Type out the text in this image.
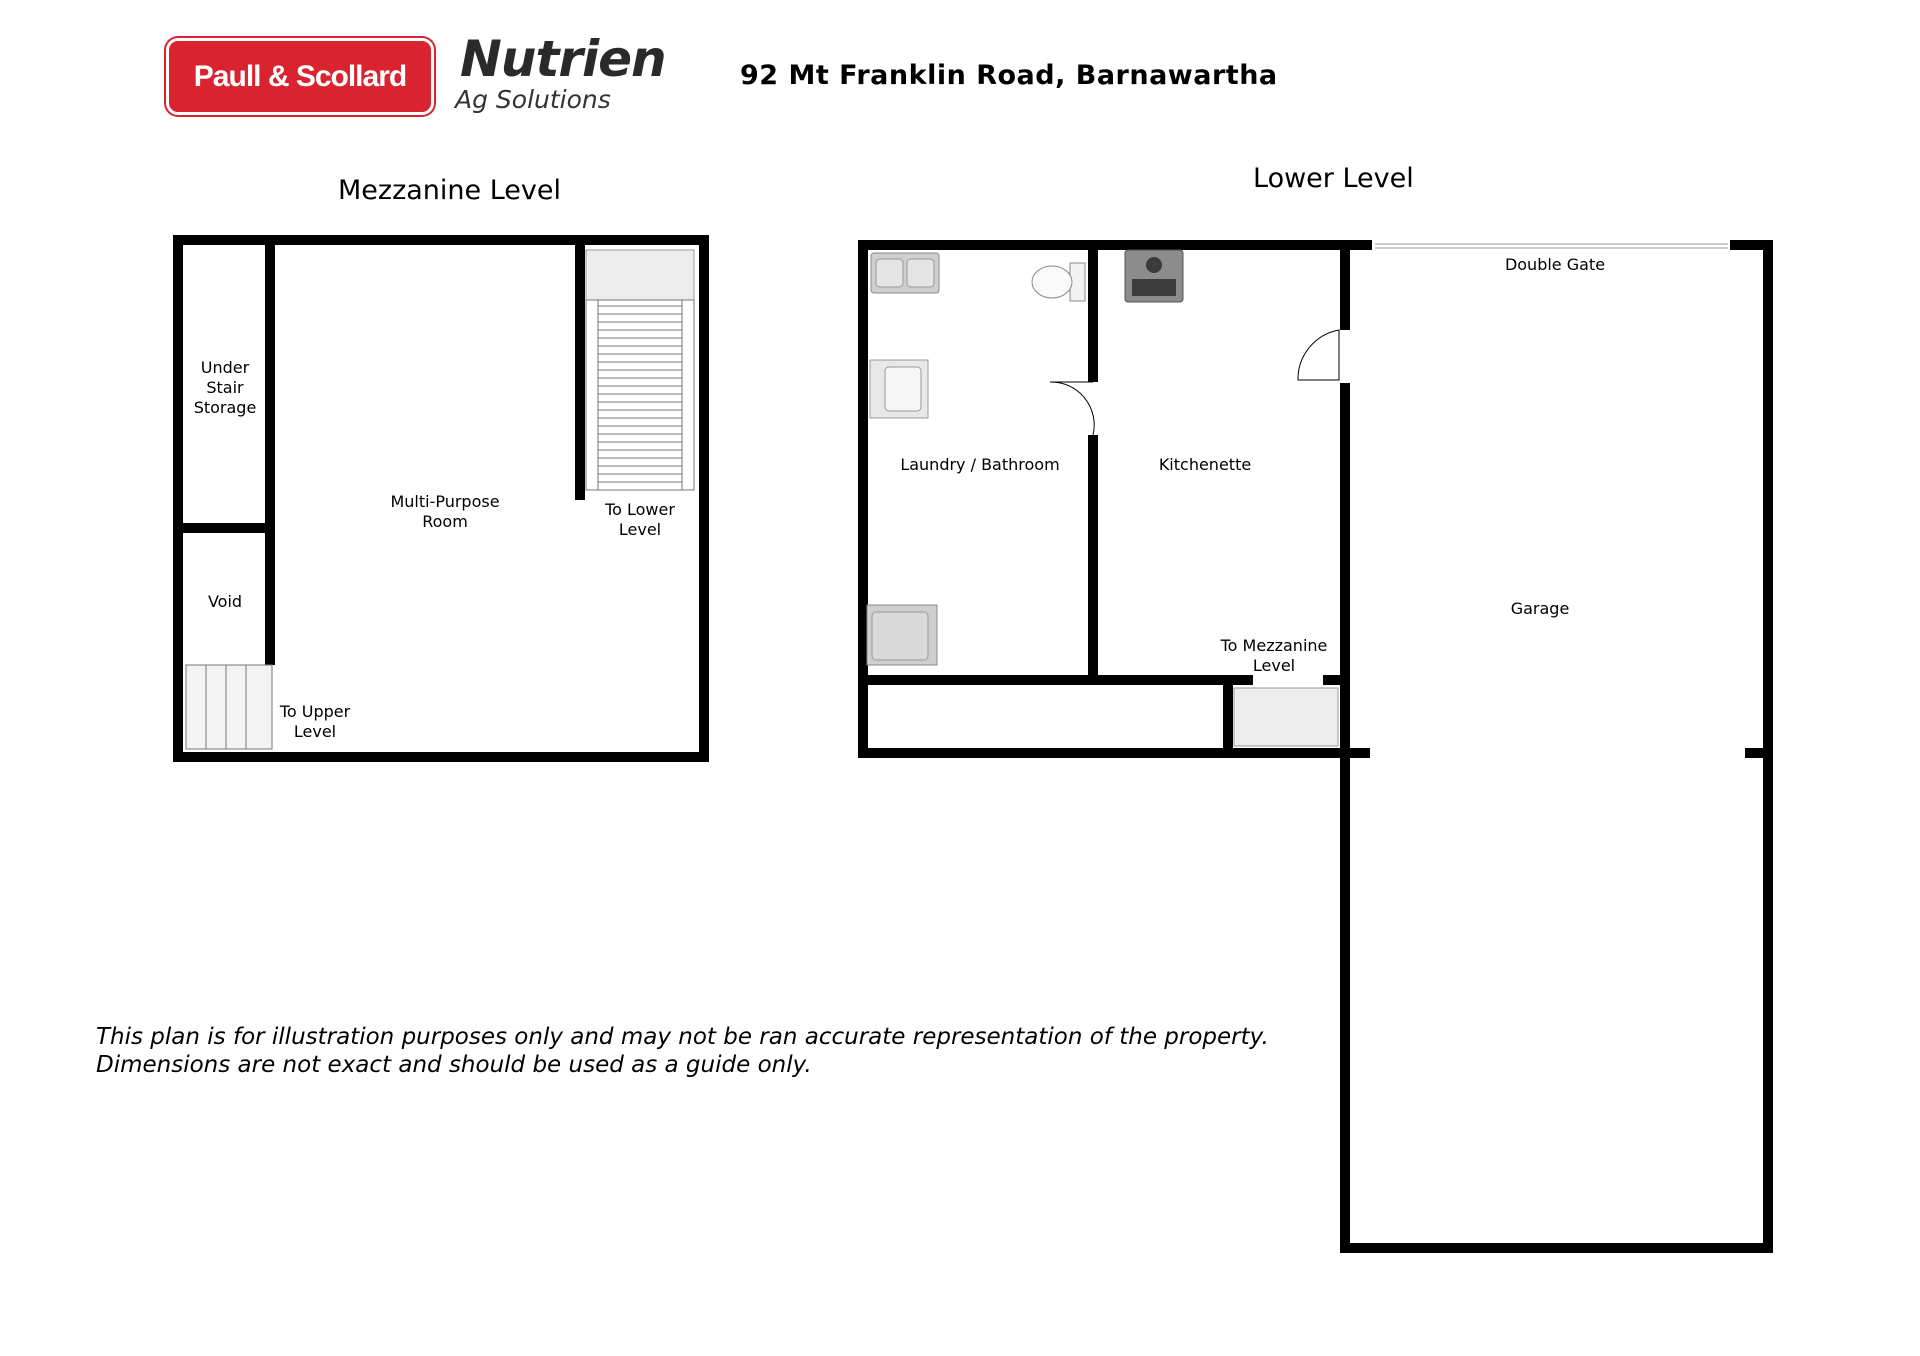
Paull & Scollard	Nutrien
Ag Solutions
92 Mt Franklin Road, Barnawartha
Mezzanine Level	Lower Level
Under
Stair
Storage
Multi-Purpose
Room
To Lower
Level
Void
To Upper
Level
Double Gate
Laundry / Bathroom	Kitchenette
To Mezzanine
Level
Garage
This plan is for illustration purposes only and may not be ran accurate representation of the property.
Dimensions are not exact and should be used as a guide only.
